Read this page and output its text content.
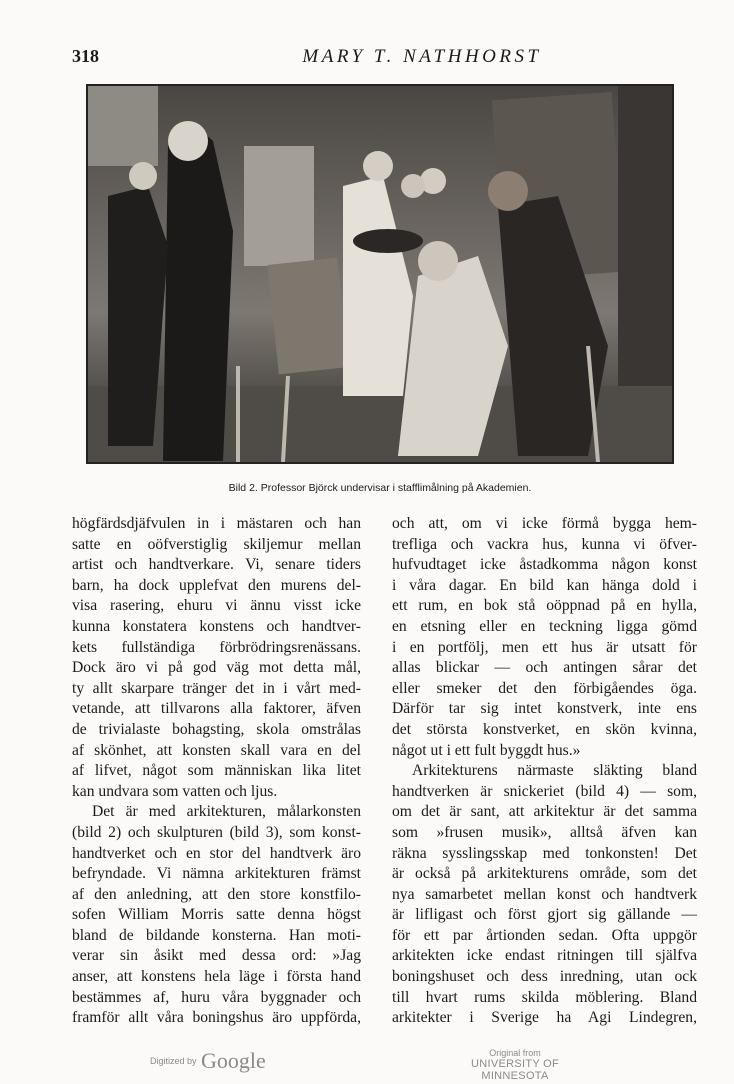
318	MARY T. NATHHORST
Bild 2. Professor Björck undervisar i stafflimålning på Akademien.
högfärdsdjäfvulen in i mästaren och han
satte en oöfverstiglig skiljemur mellan
artist och handtverkare. Vi, senare tiders
barn, ha dock upplefvat den murens del-
visa rasering, ehuru vi ännu visst icke
kunna konstatera konstens och handtver-
kets fullständiga förbrödringsrenässans.
Dock äro vi på god väg mot detta mål,
ty allt skarpare tränger det in i vårt med-
vetande, att tillvarons alla faktorer, äfven
de trivialaste bohagsting, skola omstrålas
af skönhet, att konsten skall vara en del
af lifvet, något som människan lika litet
kan undvara som vatten och ljus.
Det är med arkitekturen, målarkonsten
(bild 2) och skulpturen (bild 3), som konst-
handtverket och en stor del handtverk äro
befryndade. Vi nämna arkitekturen främst
af den anledning, att den store konstfilo-
sofen William Morris satte denna högst
bland de bildande konsterna. Han moti-
verar sin åsikt med dessa ord: »Jag
anser, att konstens hela läge i första hand
bestämmes af, huru våra byggnader och
framför allt våra boningshus äro uppförda,
och att, om vi icke förmå bygga hem-
trefliga och vackra hus, kunna vi öfver-
hufvudtaget icke åstadkomma någon konst
i våra dagar. En bild kan hänga dold i
ett rum, en bok stå oöppnad på en hylla,
en etsning eller en teckning ligga gömd
i en portfölj, men ett hus är utsatt för
allas blickar — och antingen sårar det
eller smeker det den förbigåendes öga.
Därför tar sig intet konstverk, inte ens
det största konstverket, en skön kvinna,
något ut i ett fult byggdt hus.»
Arkitekturens närmaste släkting bland
handtverken är snickeriet (bild 4) — som,
om det är sant, att arkitektur är det samma
som »frusen musik», alltså äfven kan
räkna sysslingsskap med tonkonsten! Det
är också på arkitekturens område, som det
nya samarbetet mellan konst och handtverk
är lifligast och först gjort sig gällande —
för ett par årtionden sedan. Ofta uppgör
arkitekten icke endast ritningen till själfva
boningshuset och dess inredning, utan ock
till hvart rums skilda möblering. Bland
arkitekter i Sverige ha Agi Lindegren,
Digitized by Google	Original from
UNIVERSITY OF MINNESOTA
